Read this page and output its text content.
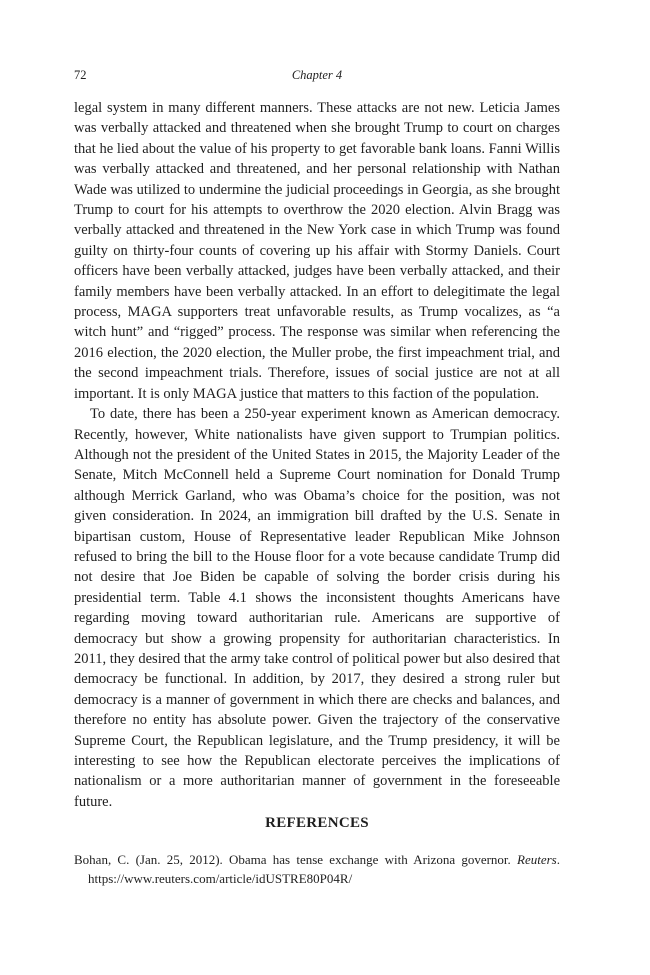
72	Chapter 4

legal system in many different manners. These attacks are not new. Leticia James was verbally attacked and threatened when she brought Trump to court on charges that he lied about the value of his property to get favorable bank loans. Fanni Willis was verbally attacked and threatened, and her personal relationship with Nathan Wade was utilized to undermine the judicial proceedings in Georgia, as she brought Trump to court for his attempts to overthrow the 2020 election. Alvin Bragg was verbally attacked and threatened in the New York case in which Trump was found guilty on thirty-four counts of covering up his affair with Stormy Daniels. Court officers have been verbally attacked, judges have been verbally attacked, and their family members have been verbally attacked. In an effort to delegitimate the legal process, MAGA supporters treat unfavorable results, as Trump vocalizes, as “a witch hunt” and “rigged” process. The response was similar when referencing the 2016 election, the 2020 election, the Muller probe, the first impeachment trial, and the second impeachment trials. Therefore, issues of social justice are not at all important. It is only MAGA justice that matters to this faction of the population.

To date, there has been a 250-year experiment known as American democracy. Recently, however, White nationalists have given support to Trumpian politics. Although not the president of the United States in 2015, the Majority Leader of the Senate, Mitch McConnell held a Supreme Court nomination for Donald Trump although Merrick Garland, who was Obama’s choice for the position, was not given consideration. In 2024, an immigration bill drafted by the U.S. Senate in bipartisan custom, House of Representative leader Republican Mike Johnson refused to bring the bill to the House floor for a vote because candidate Trump did not desire that Joe Biden be capable of solving the border crisis during his presidential term. Table 4.1 shows the inconsistent thoughts Americans have regarding moving toward authoritarian rule. Americans are supportive of democracy but show a growing propensity for authoritarian characteristics. In 2011, they desired that the army take control of political power but also desired that democracy be functional. In addition, by 2017, they desired a strong ruler but democracy is a manner of government in which there are checks and balances, and therefore no entity has absolute power. Given the trajectory of the conservative Supreme Court, the Republican legislature, and the Trump presidency, it will be interesting to see how the Republican electorate perceives the implications of nationalism or a more authoritarian manner of government in the foreseeable future.

REFERENCES
Bohan, C. (Jan. 25, 2012). Obama has tense exchange with Arizona governor. Reuters. https://www.reuters.com/article/idUSTRE80P04R/
